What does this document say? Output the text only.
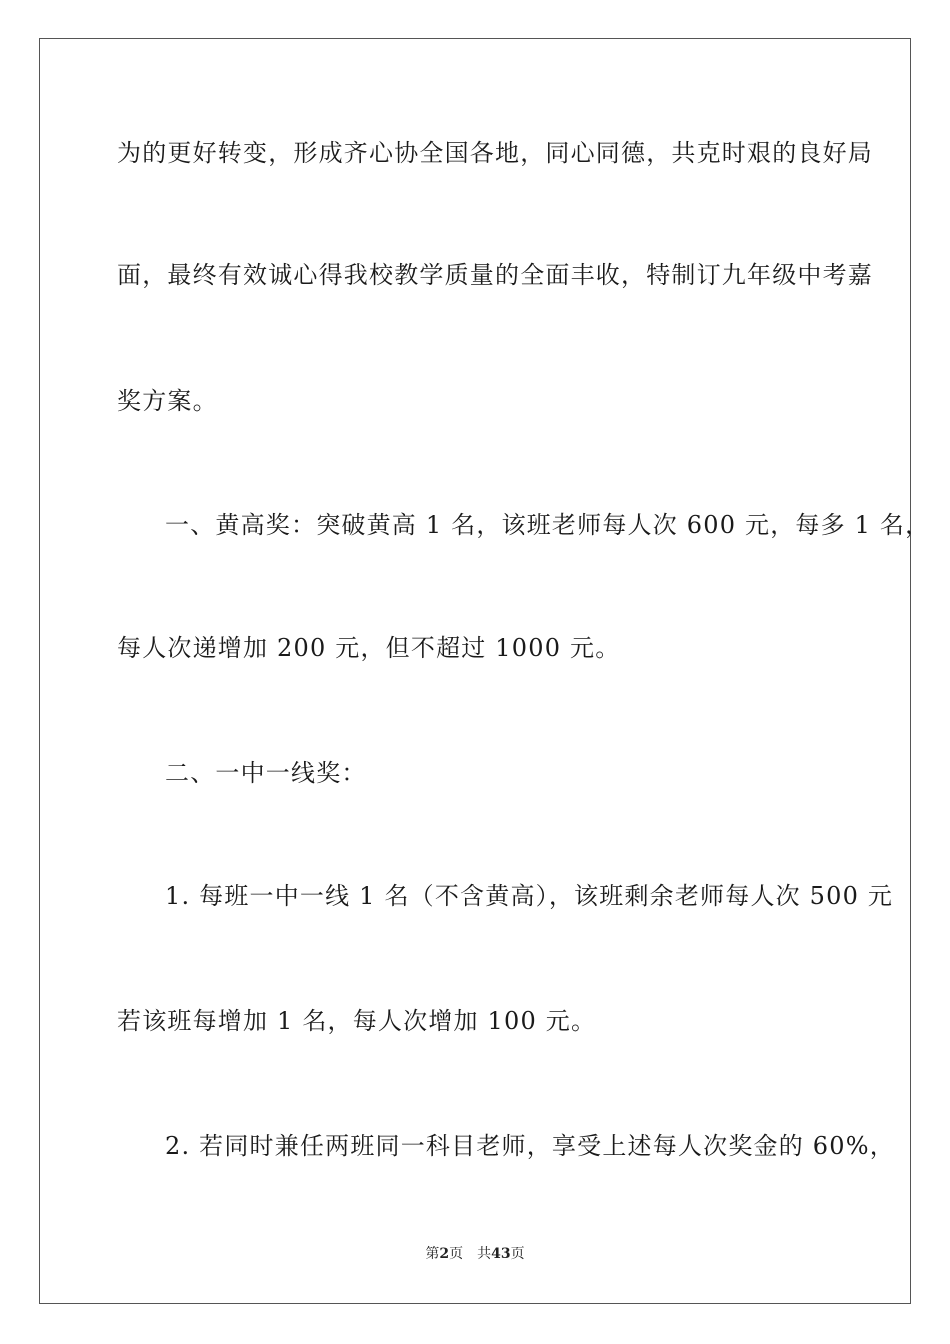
为的更好转变，形成齐心协全国各地，同心同德，共克时艰的良好局
面，最终有效诚心得我校教学质量的全面丰收，特制订九年级中考嘉
奖方案。
一、黄高奖：突破黄高 1 名，该班老师每人次 600 元，每多 1 名，
每人次递增加 200 元，但不超过 1000 元。
二、一中一线奖：
1. 每班一中一线 1 名（不含黄高），该班剩余老师每人次 500 元
若该班每增加 1 名，每人次增加 100 元。
2. 若同时兼任两班同一科目老师，享受上述每人次奖金的 60%，
第2页 共43页
